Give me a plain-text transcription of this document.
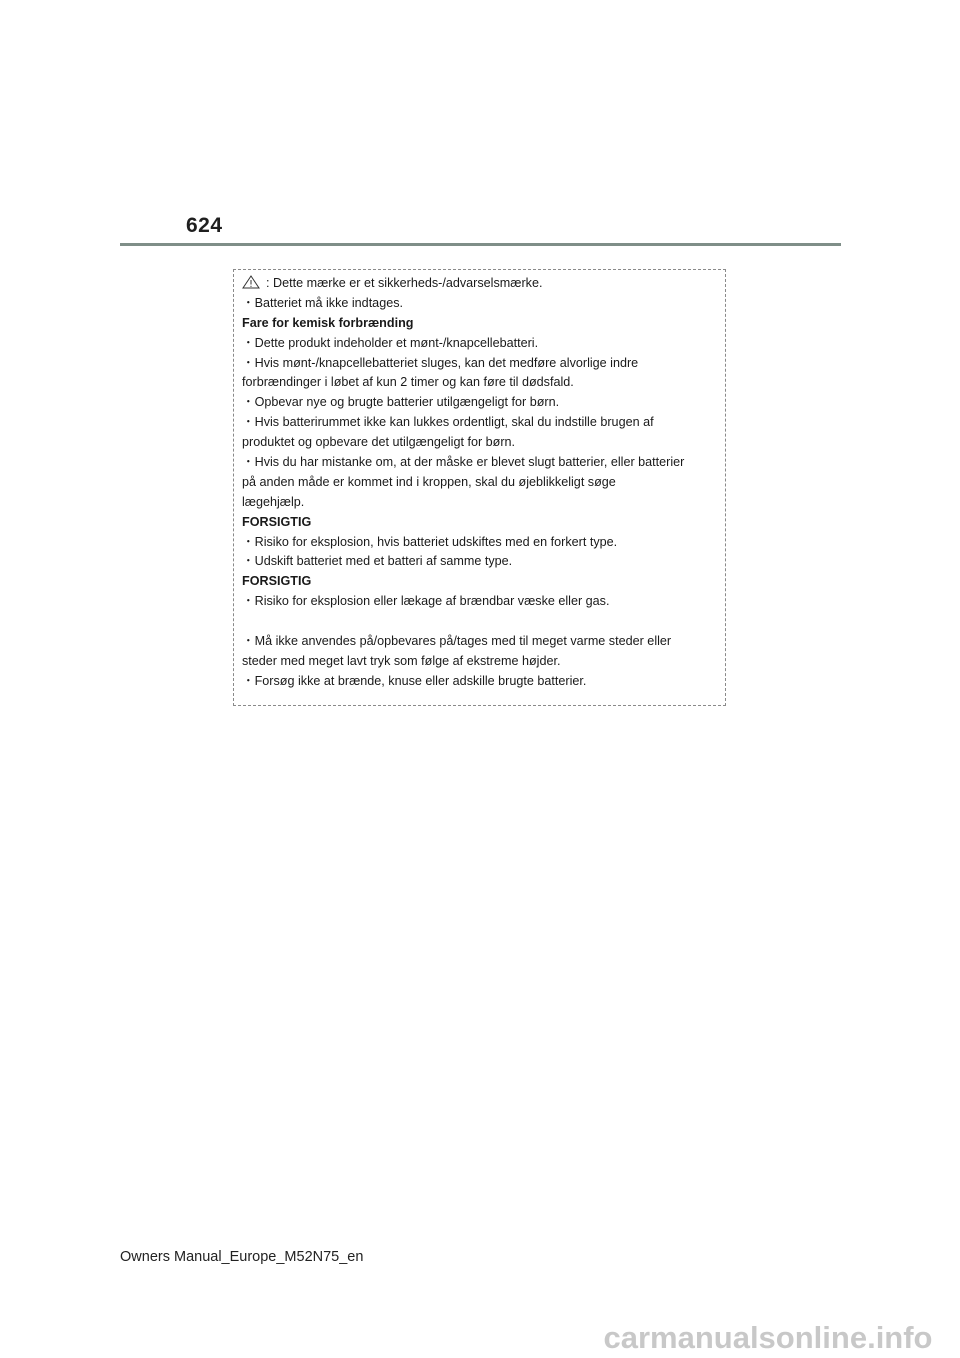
624
: Dette mærke er et sikkerheds-/advarselsmærke.
・Batteriet må ikke indtages.
Fare for kemisk forbrænding
・Dette produkt indeholder et mønt-/knapcellebatteri.
・Hvis mønt-/knapcellebatteriet sluges, kan det medføre alvorlige indre
forbrændinger i løbet af kun 2 timer og kan føre til dødsfald.
・Opbevar nye og brugte batterier utilgængeligt for børn.
・Hvis batterirummet ikke kan lukkes ordentligt, skal du indstille brugen af
produktet og opbevare det utilgængeligt for børn.
・Hvis du har mistanke om, at der måske er blevet slugt batterier, eller batterier
på anden måde er kommet ind i kroppen, skal du øjeblikkeligt søge
lægehjælp.
FORSIGTIG
・Risiko for eksplosion, hvis batteriet udskiftes med en forkert type.
・Udskift batteriet med et batteri af samme type.
FORSIGTIG
・Risiko for eksplosion eller lækage af brændbar væske eller gas.
・Må ikke anvendes på/opbevares på/tages med til meget varme steder eller
steder med meget lavt tryk som følge af ekstreme højder.
・Forsøg ikke at brænde, knuse eller adskille brugte batterier.
Owners Manual_Europe_M52N75_en
carmanualsonline.info
